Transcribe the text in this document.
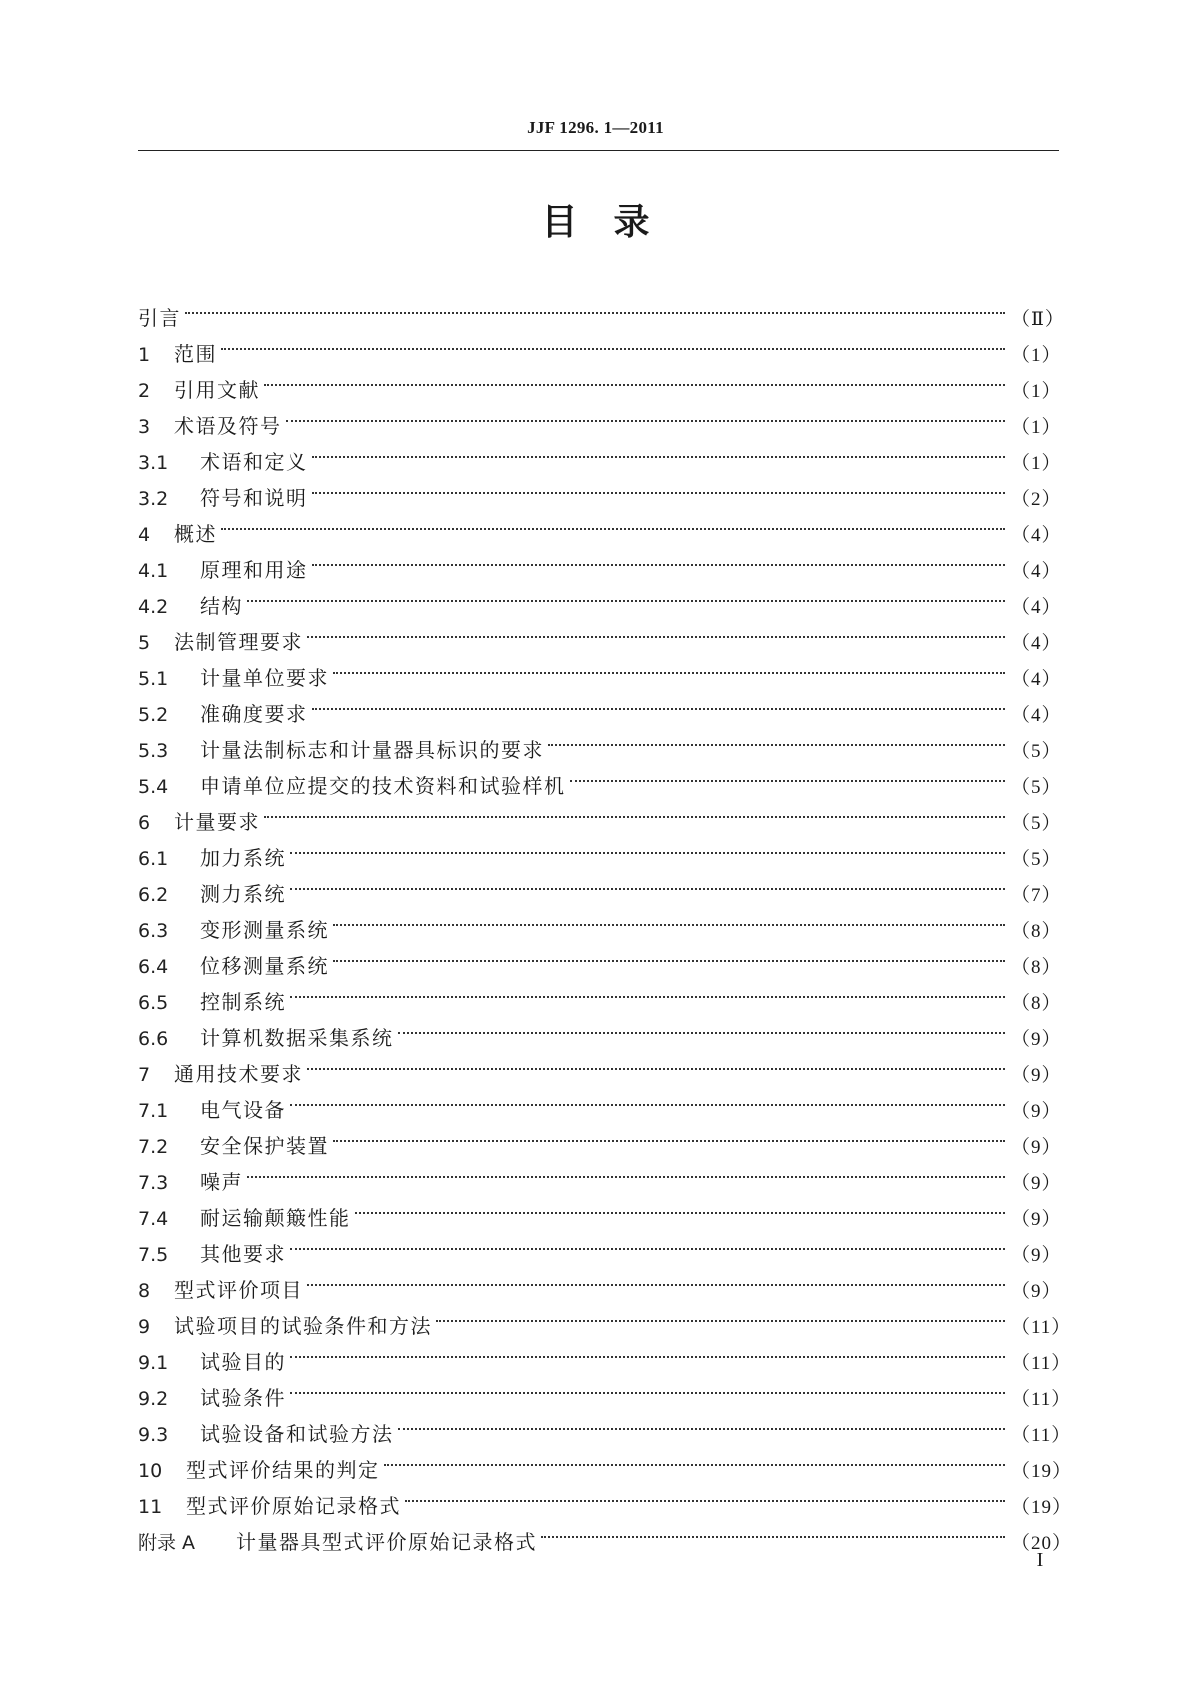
JJF 1296. 1—2011
目　录
引言	（Ⅱ）
1	范围	（1）
2	引用文献	（1）
3	术语及符号	（1）
3.1	术语和定义	（1）
3.2	符号和说明	（2）
4	概述	（4）
4.1	原理和用途	（4）
4.2	结构	（4）
5	法制管理要求	（4）
5.1	计量单位要求	（4）
5.2	准确度要求	（4）
5.3	计量法制标志和计量器具标识的要求	（5）
5.4	申请单位应提交的技术资料和试验样机	（5）
6	计量要求	（5）
6.1	加力系统	（5）
6.2	测力系统	（7）
6.3	变形测量系统	（8）
6.4	位移测量系统	（8）
6.5	控制系统	（8）
6.6	计算机数据采集系统	（9）
7	通用技术要求	（9）
7.1	电气设备	（9）
7.2	安全保护装置	（9）
7.3	噪声	（9）
7.4	耐运输颠簸性能	（9）
7.5	其他要求	（9）
8	型式评价项目	（9）
9	试验项目的试验条件和方法	（11）
9.1	试验目的	（11）
9.2	试验条件	（11）
9.3	试验设备和试验方法	（11）
10	型式评价结果的判定	（19）
11	型式评价原始记录格式	（19）
附录 A	计量器具型式评价原始记录格式	（20）
I
